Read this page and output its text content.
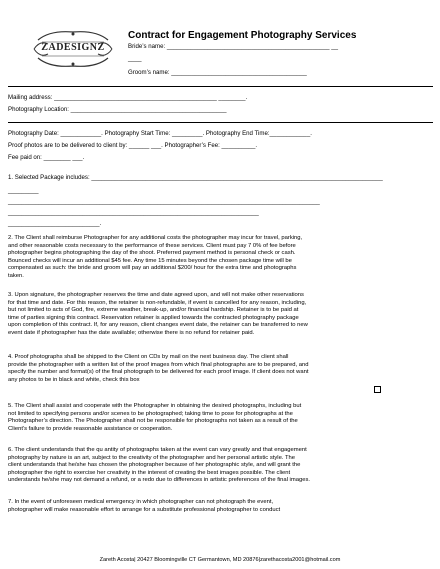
ZADESIGNZ
Contract for Engagement Photography Services
Bride’s name: ________________________________________________ __
____
Groom’s name: ________________________________________
Mailing address: ________________________________________________ ________.
Photography Location: ______________________________________________
Photography Date: ____________. Photography Start Time: _________. Photography End Time:____________.
Proof photos are to be delivered to client by: ______ ___. Photographer’s Fee: __________.
Fee paid on: ________ ___.
1. Selected Package includes: ______________________________________________________________________________________
_________
____________________________________________________________________________________________
__________________________________________________________________________
___________________________.
2. The Client shall reimburse Photographer for any additional costs the photographer may incur for travel, parking,
and other reasonable costs necessary to the performance of these services. Client must pay 7 0% of fee before
photographer begins photographing the day of the shoot. Preferred payment method is personal check or cash.
Bounced checks will incur an additional $45 fee. Any time 15 minutes beyond the chosen package time will be
compensated as such: the bride and groom will pay an additional $200/ hour for the extra time and photographs
taken.
3. Upon signature, the photographer reserves the time and date agreed upon, and will not make other reservations
for that time and date. For this reason, the retainer is non-refundable, if event is cancelled for any reason, including,
but not limited to acts of God, fire, extreme weather, break-up, and/or financial hardship. Retainer is to be paid at
time of parties signing this contract. Reservation retainer is applied towards the contracted photography package
upon completion of this contract. If, for any reason, client changes event date, the retainer can be transferred to new
event date if photographer has the date available; otherwise there is no refund for retainer paid.
4. Proof photographs shall be shipped to the Client on CDs by mail on the next business day. The client shall
provide the photographer with a written list of the proof images from which final photographs are to be prepared, and
specify the number and format(s) of the final photograph to be delivered for each proof image. If client does not want
any photos to be in black and white, check this box
5. The Client shall assist and cooperate with the Photographer in obtaining the desired photographs, including but
not limited to specifying persons and/or scenes to be photographed; taking time to pose for photographs at the
Photographer’s direction. The Photographer shall not be responsible for photographs not taken as a result of the
Client’s failure to provide reasonable assistance or cooperation.
6. The client understands that the qu antity of photographs taken at the event can vary greatly and that engagement
photography by nature is an art, subject to the creativity of the photographer and her personal artistic style. The
client understands that he/she has chosen the photographer because of her photographic style, and will grant the
photographer the right to exercise her creativity in the interest of creating the best images possible. The client
understands he/she may not demand a refund, or a redo due to differences in artistic preferences of the final images.
7. In the event of unforeseen medical emergency in which photographer can not photograph the event,
photographer will make reasonable effort to arrange for a substitute professional photographer to conduct
Zareth Acosta| 20427 Bloomingville CT Germantown, MD 20876|zarethacosta2001@hotmail.com
